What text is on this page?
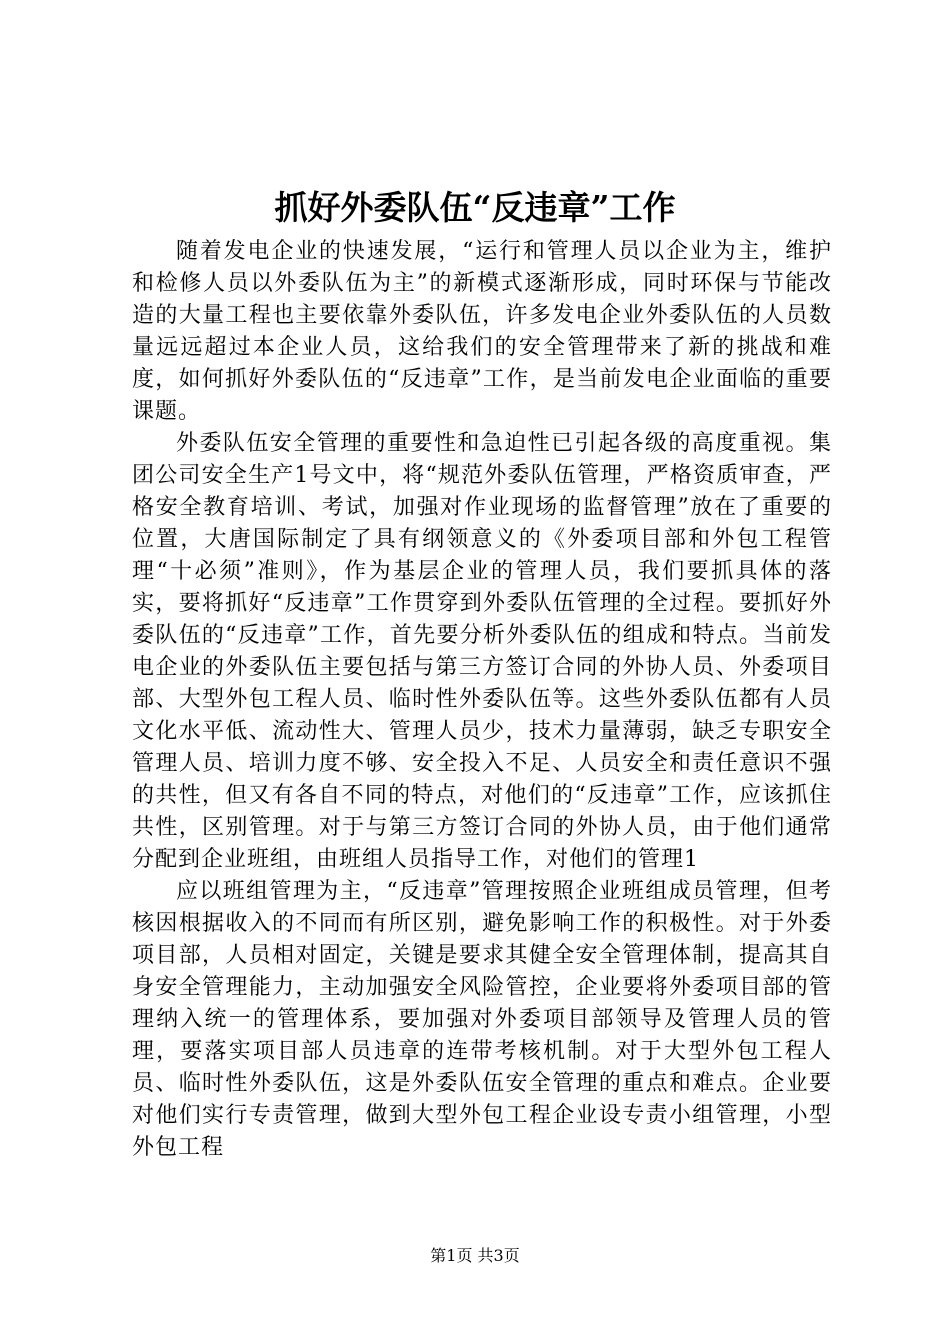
抓好外委队伍“反违章”工作

随着发电企业的快速发展，“运行和管理人员以企业为主，维护和检修人员以外委队伍为主”的新模式逐渐形成，同时环保与节能改造的大量工程也主要依靠外委队伍，许多发电企业外委队伍的人员数量远远超过本企业人员，这给我们的安全管理带来了新的挑战和难度，如何抓好外委队伍的“反违章”工作，是当前发电企业面临的重要课题。

外委队伍安全管理的重要性和急迫性已引起各级的高度重视。集团公司安全生产1号文中，将“规范外委队伍管理，严格资质审查，严格安全教育培训、考试，加强对作业现场的监督管理”放在了重要的位置，大唐国际制定了具有纲领意义的《外委项目部和外包工程管理“十必须”准则》，作为基层企业的管理人员，我们要抓具体的落实，要将抓好“反违章”工作贯穿到外委队伍管理的全过程。要抓好外委队伍的“反违章”工作，首先要分析外委队伍的组成和特点。当前发电企业的外委队伍主要包括与第三方签订合同的外协人员、外委项目部、大型外包工程人员、临时性外委队伍等。这些外委队伍都有人员文化水平低、流动性大、管理人员少，技术力量薄弱，缺乏专职安全管理人员、培训力度不够、安全投入不足、人员安全和责任意识不强的共性，但又有各自不同的特点，对他们的“反违章”工作，应该抓住共性，区别管理。对于与第三方签订合同的外协人员，由于他们通常分配到企业班组，由班组人员指导工作，对他们的管理1

应以班组管理为主，“反违章”管理按照企业班组成员管理，但考核因根据收入的不同而有所区别，避免影响工作的积极性。对于外委项目部，人员相对固定，关键是要求其健全安全管理体制，提高其自身安全管理能力，主动加强安全风险管控，企业要将外委项目部的管理纳入统一的管理体系，要加强对外委项目部领导及管理人员的管理，要落实项目部人员违章的连带考核机制。对于大型外包工程人员、临时性外委队伍，这是外委队伍安全管理的重点和难点。企业要对他们实行专责管理，做到大型外包工程企业设专责小组管理，小型外包工程

第1页 共3页
